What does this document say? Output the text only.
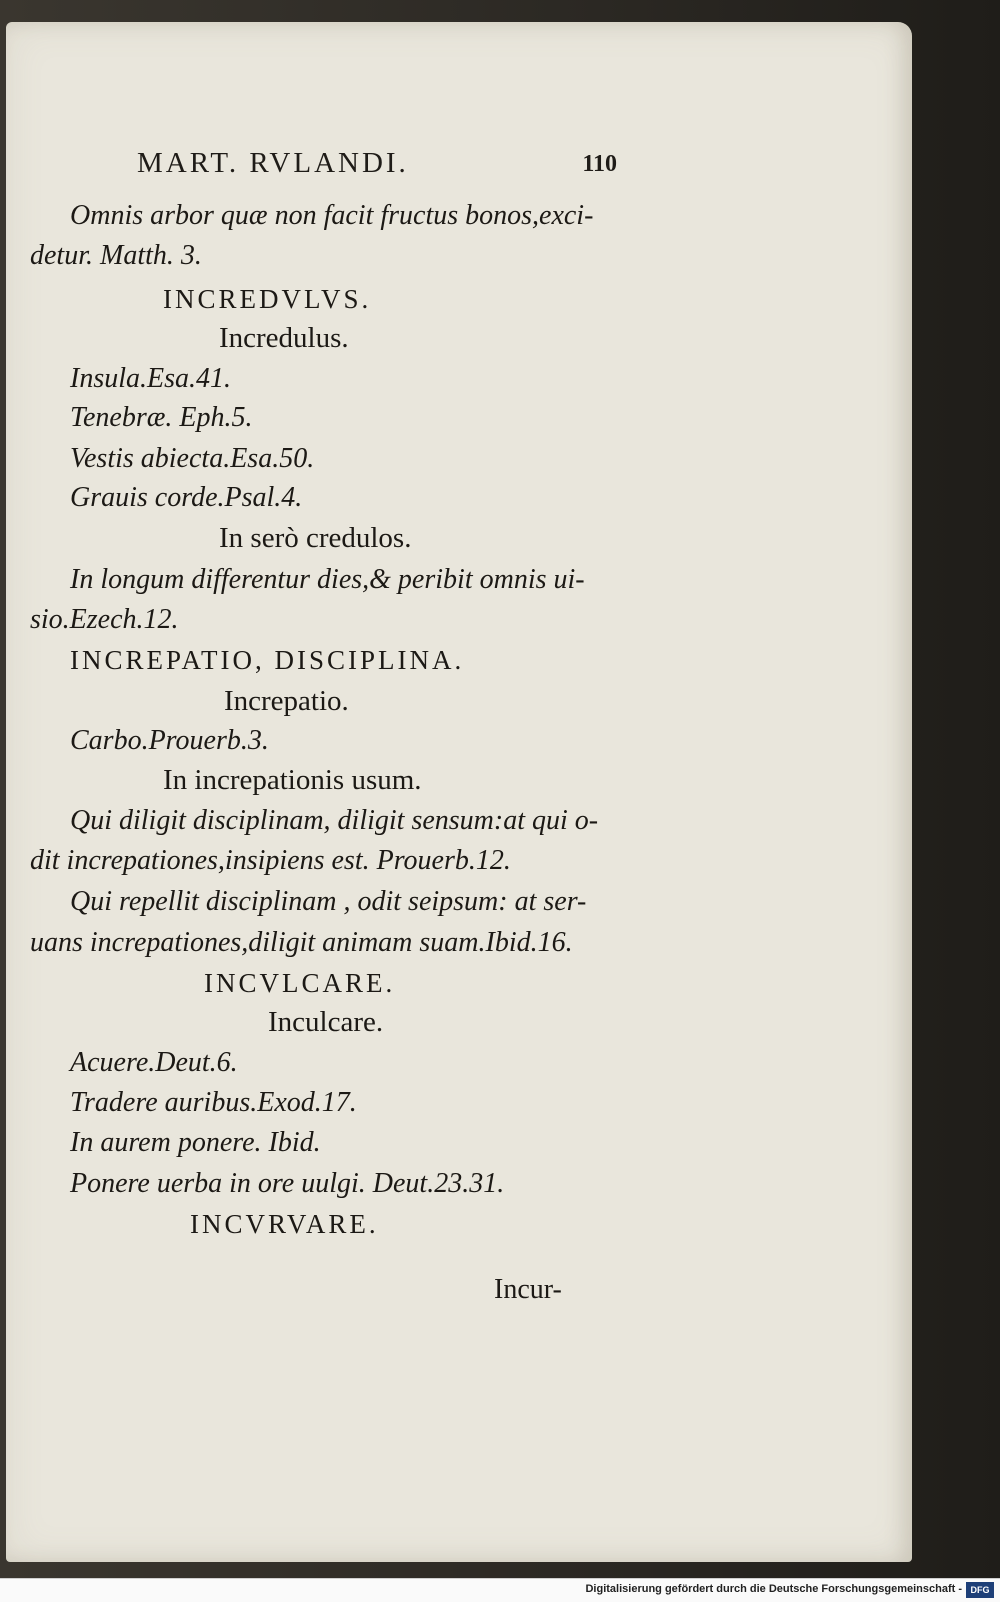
MART. RVLANDI.	110
Omnis arbor quæ non facit fructus bonos,exci-
detur. Matth. 3.
INCREDVLVS.
Incredulus.
Insula.Esa.41.
Tenebræ. Eph.5.
Vestis abiecta.Esa.50.
Grauis corde.Psal.4.
In serò credulos.
In longum differentur dies,& peribit omnis ui-
sio.Ezech.12.
INCREPATIO, DISCIPLINA.
Increpatio.
Carbo.Prouerb.3.
In increpationis usum.
Qui diligit disciplinam, diligit sensum:at qui o-
dit increpationes,insipiens est. Prouerb.12.
Qui repellit disciplinam , odit seipsum: at ser-
uans increpationes,diligit animam suam.Ibid.16.
INCVLCARE.
Inculcare.
Acuere.Deut.6.
Tradere auribus.Exod.17.
In aurem ponere. Ibid.
Ponere uerba in ore uulgi. Deut.23.31.
INCVRVARE.
Incur-
Digitalisierung gefördert durch die Deutsche Forschungsgemeinschaft - DFG
